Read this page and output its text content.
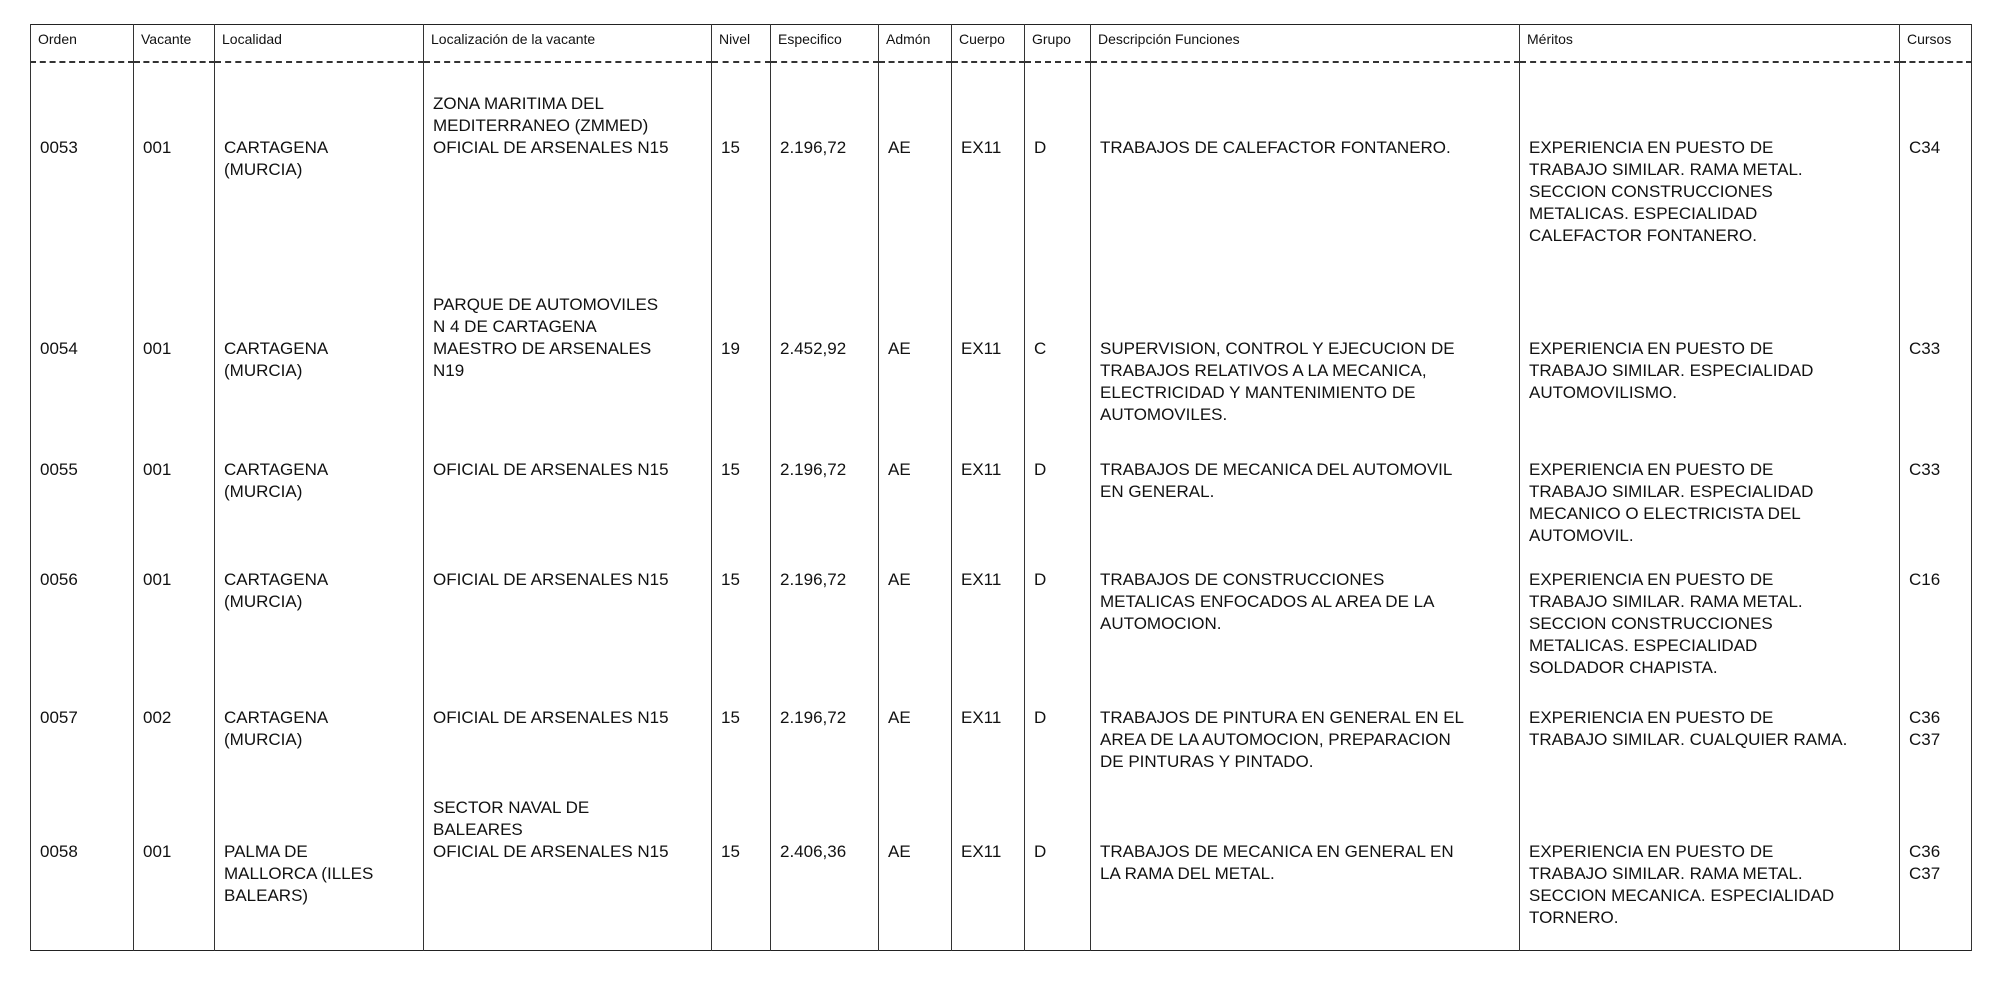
Orden	Vacante	Localidad	Localización de la vacante	Nivel	Especifico	Admón	Cuerpo	Grupo	Descripción Funciones	Méritos	Cursos
0053	001	CARTAGENA
(MURCIA)	ZONA MARITIMA DEL
MEDITERRANEO (ZMMED)
OFICIAL DE ARSENALES N15	15	2.196,72	AE	EX11	D	TRABAJOS DE CALEFACTOR FONTANERO.	EXPERIENCIA EN PUESTO DE
TRABAJO SIMILAR. RAMA METAL.
SECCION CONSTRUCCIONES
METALICAS. ESPECIALIDAD
CALEFACTOR FONTANERO.	C34
0054	001	CARTAGENA
(MURCIA)	PARQUE DE AUTOMOVILES
N 4 DE CARTAGENA
MAESTRO DE ARSENALES
N19	19	2.452,92	AE	EX11	C	SUPERVISION, CONTROL Y EJECUCION DE
TRABAJOS RELATIVOS A LA MECANICA,
ELECTRICIDAD Y MANTENIMIENTO DE
AUTOMOVILES.	EXPERIENCIA EN PUESTO DE
TRABAJO SIMILAR. ESPECIALIDAD
AUTOMOVILISMO.	C33
0055	001	CARTAGENA
(MURCIA)	OFICIAL DE ARSENALES N15	15	2.196,72	AE	EX11	D	TRABAJOS DE MECANICA DEL AUTOMOVIL
EN GENERAL.	EXPERIENCIA EN PUESTO DE
TRABAJO SIMILAR. ESPECIALIDAD
MECANICO O ELECTRICISTA DEL
AUTOMOVIL.	C33
0056	001	CARTAGENA
(MURCIA)	OFICIAL DE ARSENALES N15	15	2.196,72	AE	EX11	D	TRABAJOS DE CONSTRUCCIONES
METALICAS ENFOCADOS AL AREA DE LA
AUTOMOCION.	EXPERIENCIA EN PUESTO DE
TRABAJO SIMILAR. RAMA METAL.
SECCION CONSTRUCCIONES
METALICAS. ESPECIALIDAD
SOLDADOR CHAPISTA.	C16
0057	002	CARTAGENA
(MURCIA)	OFICIAL DE ARSENALES N15	15	2.196,72	AE	EX11	D	TRABAJOS DE PINTURA EN GENERAL EN EL
AREA DE LA AUTOMOCION, PREPARACION
DE PINTURAS Y PINTADO.	EXPERIENCIA EN PUESTO DE
TRABAJO SIMILAR. CUALQUIER RAMA.	C36
C37
0058	001	PALMA DE
MALLORCA (ILLES
BALEARS)	SECTOR NAVAL DE
BALEARES
OFICIAL DE ARSENALES N15	15	2.406,36	AE	EX11	D	TRABAJOS DE MECANICA EN GENERAL EN
LA RAMA DEL METAL.	EXPERIENCIA EN PUESTO DE
TRABAJO SIMILAR. RAMA METAL.
SECCION MECANICA. ESPECIALIDAD
TORNERO.	C36
C37
